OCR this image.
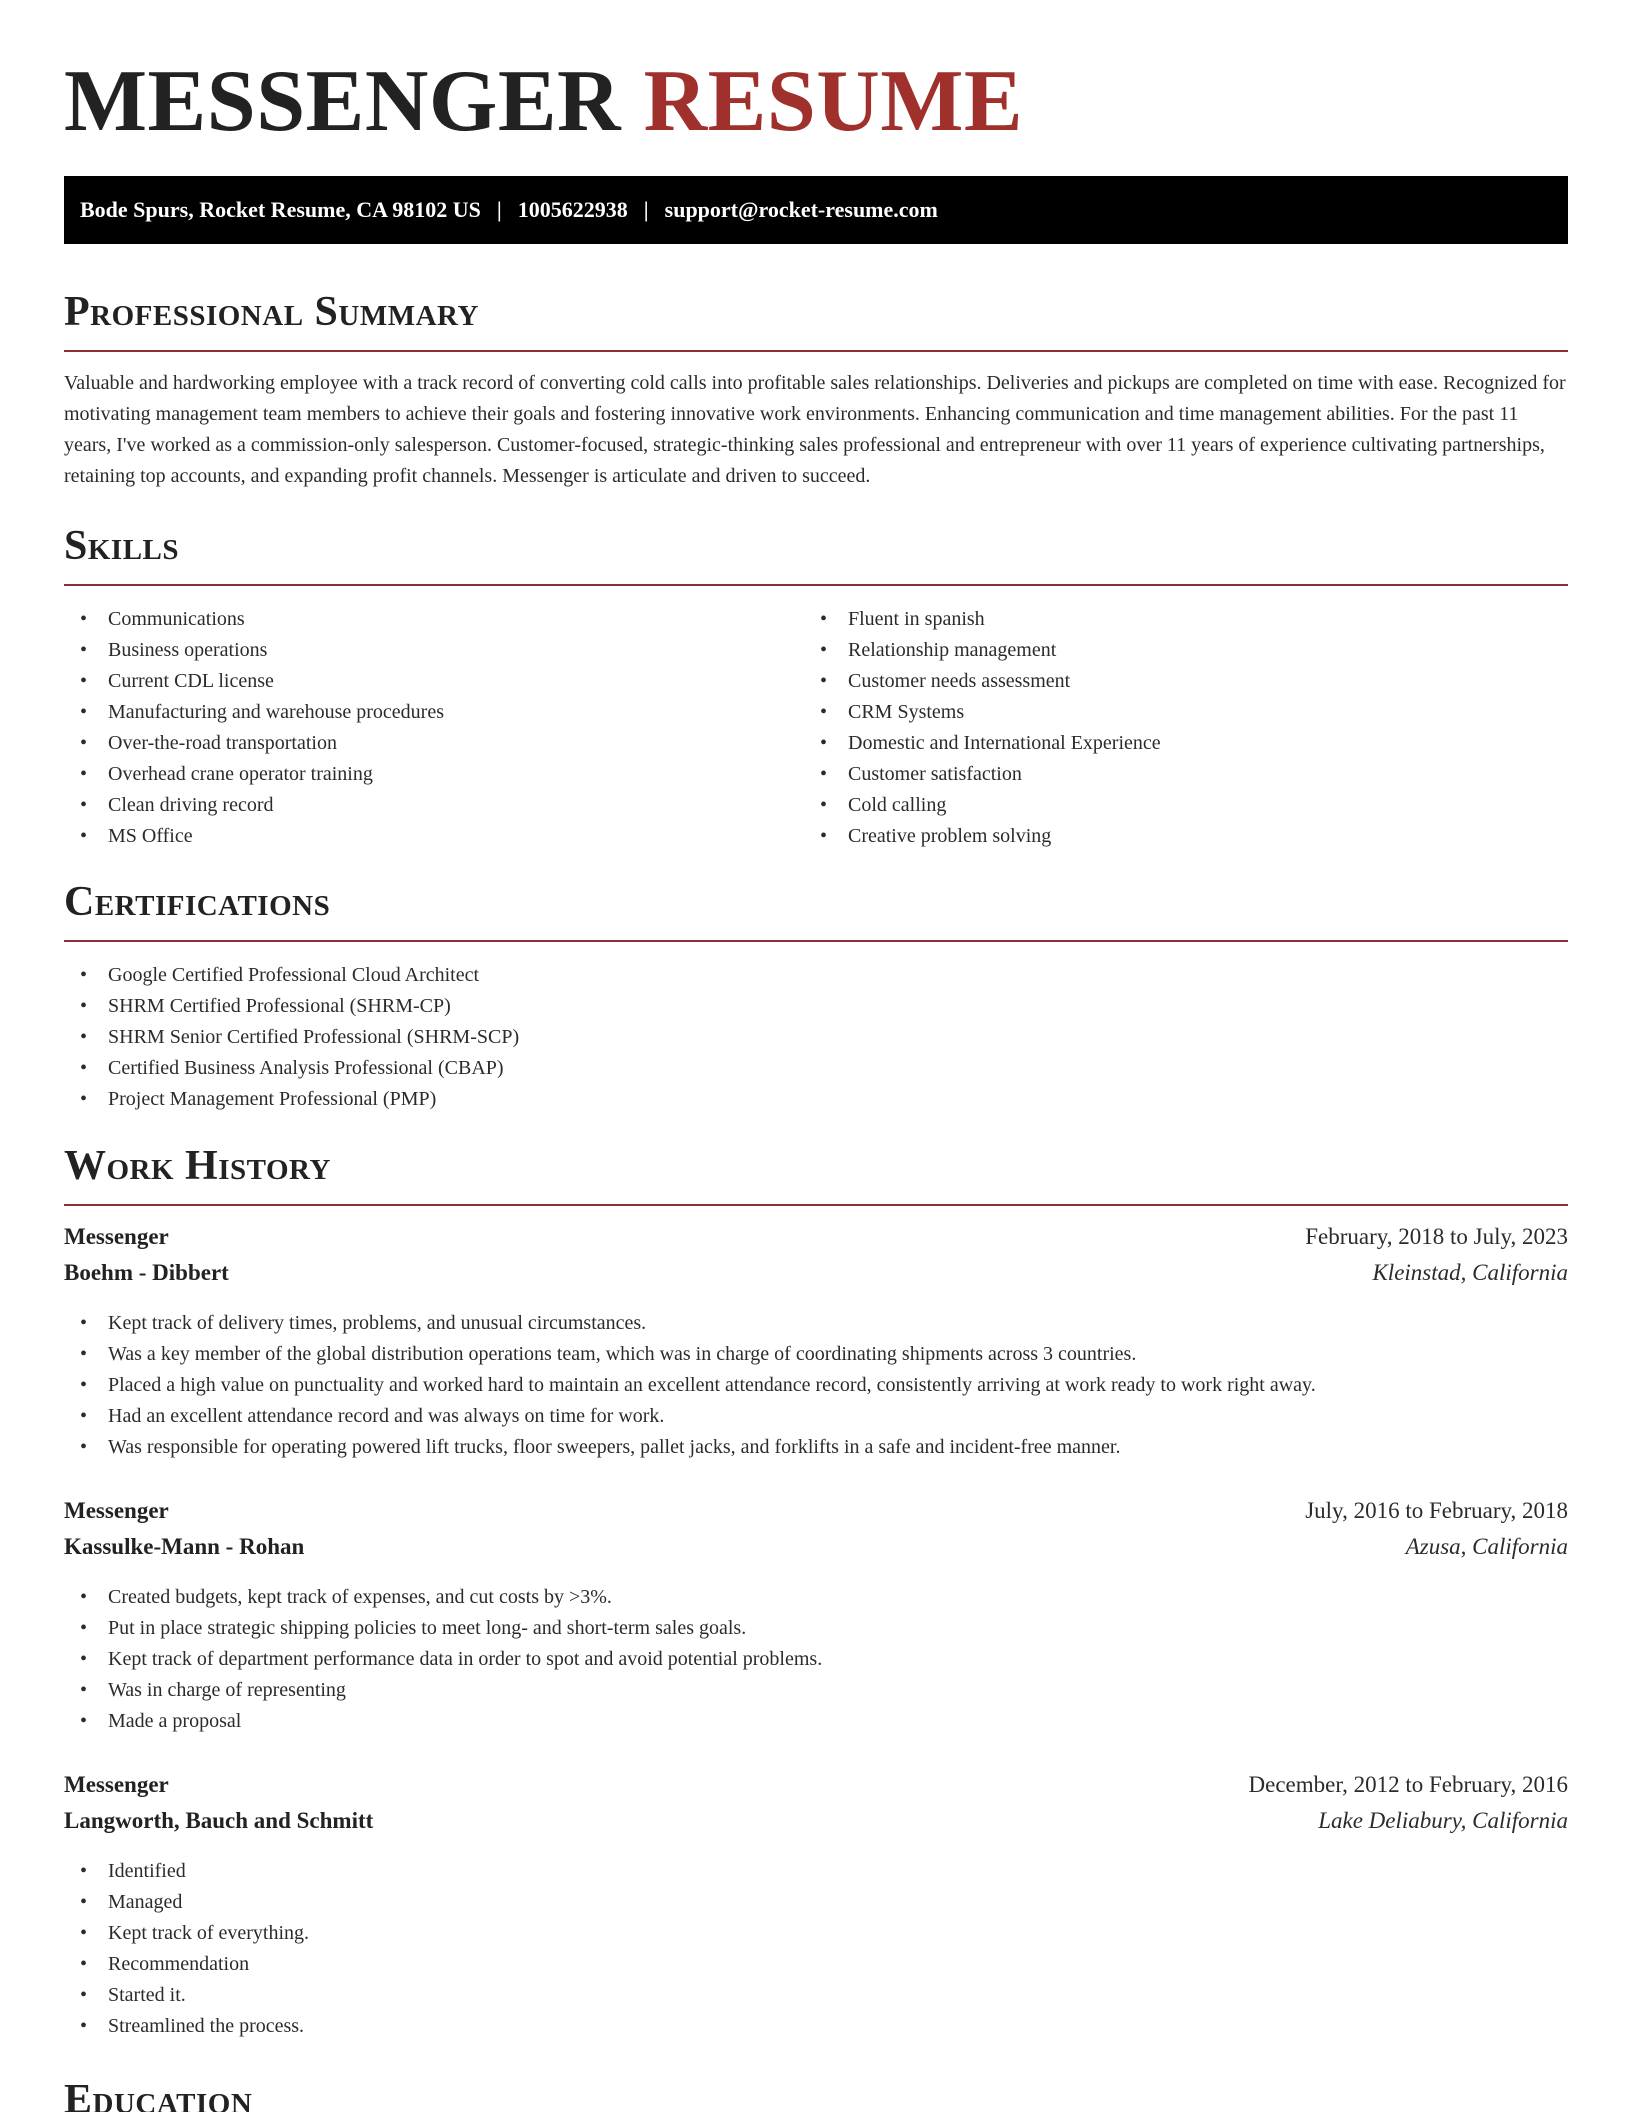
MESSENGER RESUME
Bode Spurs, Rocket Resume, CA 98102 US | 1005622938 | support@rocket-resume.com
Professional Summary

Valuable and hardworking employee with a track record of converting cold calls into profitable sales relationships. Deliveries and pickups are completed on time with ease. Recognized for motivating management team members to achieve their goals and fostering innovative work environments. Enhancing communication and time management abilities. For the past 11 years, I've worked as a commission-only salesperson. Customer-focused, strategic-thinking sales professional and entrepreneur with over 11 years of experience cultivating partnerships, retaining top accounts, and expanding profit channels. Messenger is articulate and driven to succeed.

Skills
• Communications
• Business operations
• Current CDL license
• Manufacturing and warehouse procedures
• Over-the-road transportation
• Overhead crane operator training
• Clean driving record
• MS Office
• Fluent in spanish
• Relationship management
• Customer needs assessment
• CRM Systems
• Domestic and International Experience
• Customer satisfaction
• Cold calling
• Creative problem solving
Certifications
• Google Certified Professional Cloud Architect
• SHRM Certified Professional (SHRM-CP)
• SHRM Senior Certified Professional (SHRM-SCP)
• Certified Business Analysis Professional (CBAP)
• Project Management Professional (PMP)
Work History
Messenger	February, 2018 to July, 2023
Boehm - Dibbert	Kleinstad, California
• Kept track of delivery times, problems, and unusual circumstances.
• Was a key member of the global distribution operations team, which was in charge of coordinating shipments across 3 countries.
• Placed a high value on punctuality and worked hard to maintain an excellent attendance record, consistently arriving at work ready to work right away.
• Had an excellent attendance record and was always on time for work.
• Was responsible for operating powered lift trucks, floor sweepers, pallet jacks, and forklifts in a safe and incident-free manner.
Messenger	July, 2016 to February, 2018
Kassulke-Mann - Rohan	Azusa, California
• Created budgets, kept track of expenses, and cut costs by >3%.
• Put in place strategic shipping policies to meet long- and short-term sales goals.
• Kept track of department performance data in order to spot and avoid potential problems.
• Was in charge of representing
• Made a proposal
Messenger	December, 2012 to February, 2016
Langworth, Bauch and Schmitt	Lake Deliabury, California
• Identified
• Managed
• Kept track of everything.
• Recommendation
• Started it.
• Streamlined the process.
Education
